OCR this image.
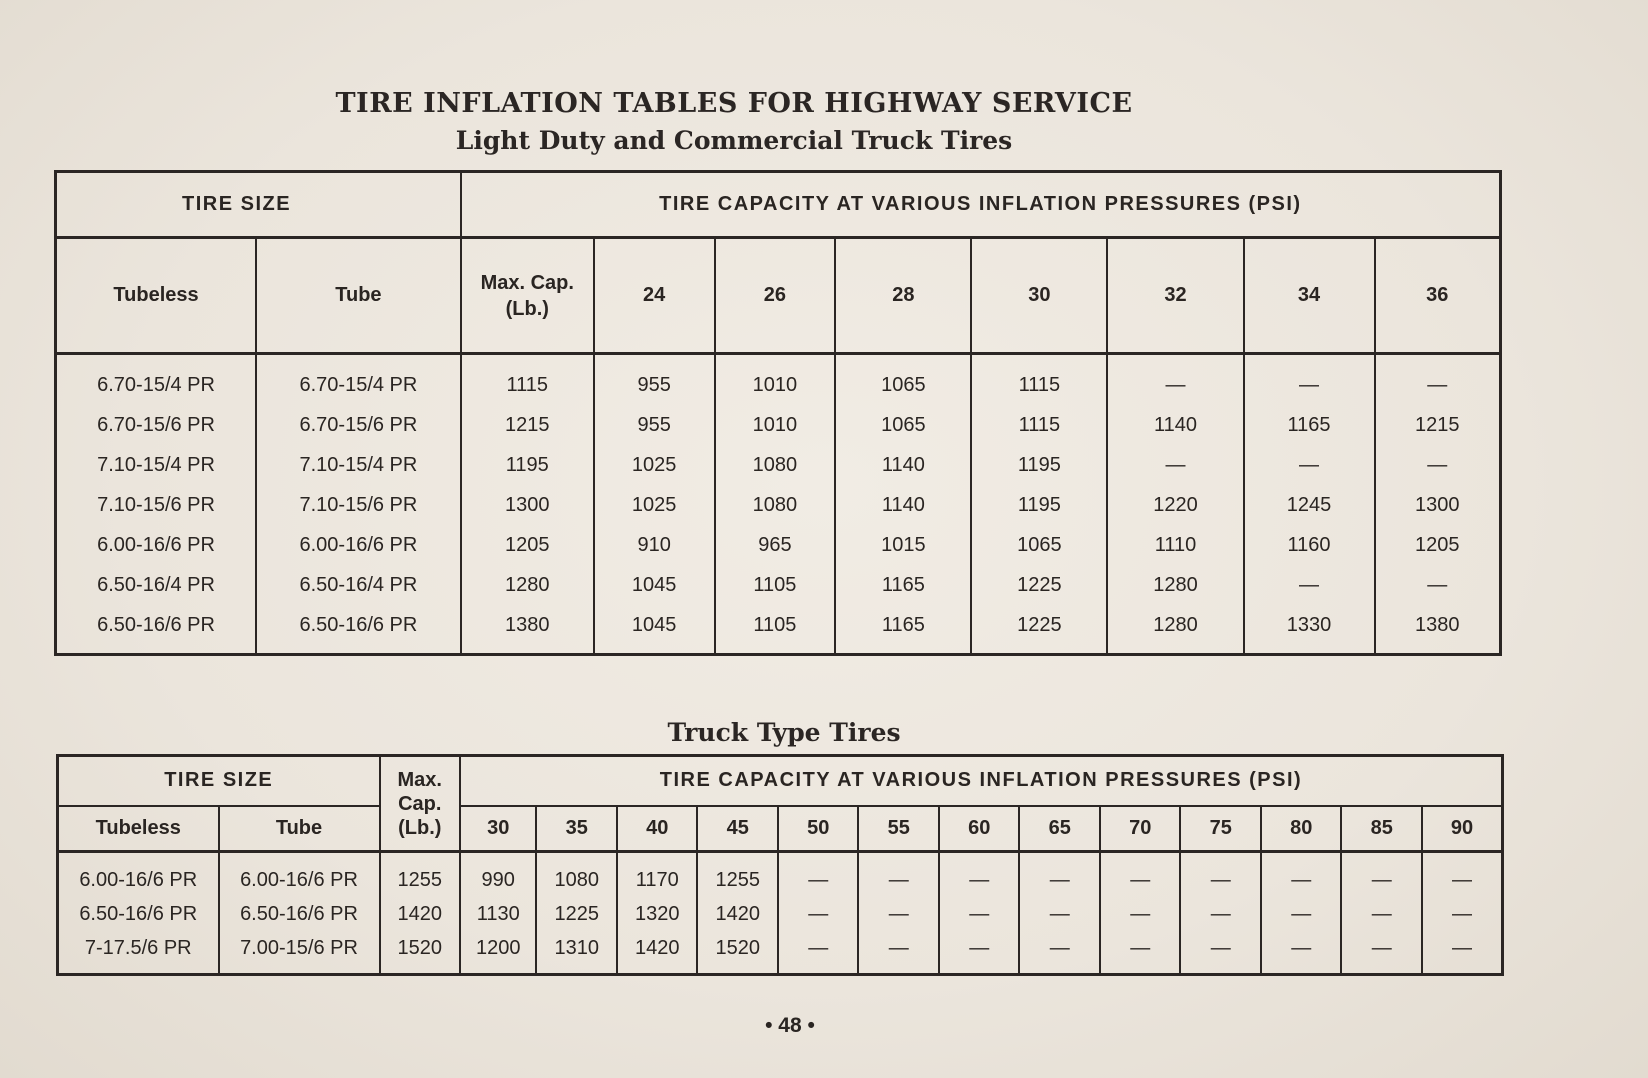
TIRE INFLATION TABLES FOR HIGHWAY SERVICE
Light Duty and Commercial Truck Tires
TIRE SIZE		TIRE CAPACITY AT VARIOUS INFLATION PRESSURES (PSI)							
Tubeless	Tube	Max. Cap. (Lb.)	24	26	28	30	32	34	36
6.70-15/4 PR	6.70-15/4 PR	1115	955	1010	1065	1115	—	—	—
6.70-15/6 PR	6.70-15/6 PR	1215	955	1010	1065	1115	1140	1165	1215
7.10-15/4 PR	7.10-15/4 PR	1195	1025	1080	1140	1195	—	—	—
7.10-15/6 PR	7.10-15/6 PR	1300	1025	1080	1140	1195	1220	1245	1300
6.00-16/6 PR	6.00-16/6 PR	1205	910	965	1015	1065	1110	1160	1205
6.50-16/4 PR	6.50-16/4 PR	1280	1045	1105	1165	1225	1280	—	—
6.50-16/6 PR	6.50-16/6 PR	1380	1045	1105	1165	1225	1280	1330	1380
Truck Type Tires
TIRE SIZE		Max. Cap. (Lb.)	TIRE CAPACITY AT VARIOUS INFLATION PRESSURES (PSI)												
Tubeless	Tube		30	35	40	45	50	55	60	65	70	75	80	85	90
6.00-16/6 PR	6.00-16/6 PR	1255	990	1080	1170	1255	—	—	—	—	—	—	—	—	—
6.50-16/6 PR	6.50-16/6 PR	1420	1130	1225	1320	1420	—	—	—	—	—	—	—	—	—
7-17.5/6 PR	7.00-15/6 PR	1520	1200	1310	1420	1520	—	—	—	—	—	—	—	—	—
• 48 •
